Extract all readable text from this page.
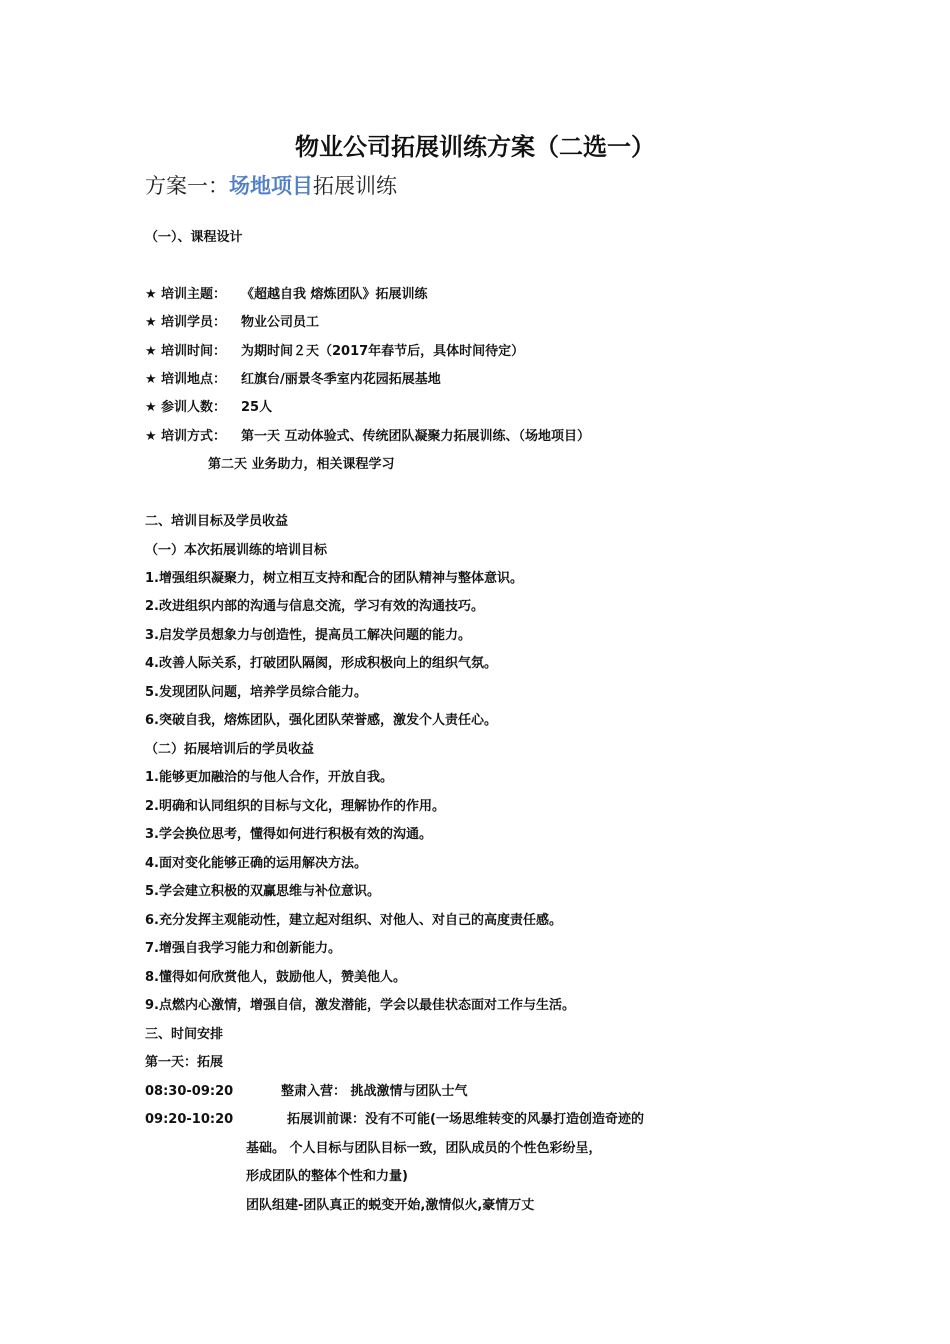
物业公司拓展训练方案（二选一）
方案一：场地项目拓展训练
（一）、课程设计
★ 培训主题： 《超越自我 熔炼团队》拓展训练
★ 培训学员： 物业公司员工
★ 培训时间： 为期时间２天（2017年春节后，具体时间待定）
★ 培训地点： 红旗台/丽景冬季室内花园拓展基地
★ 参训人数： 25人
★ 培训方式： 第一天 互动体验式、传统团队凝聚力拓展训练、（场地项目）
第二天 业务助力，相关课程学习
二、培训目标及学员收益
（一）本次拓展训练的培训目标
1.增强组织凝聚力，树立相互支持和配合的团队精神与整体意识。
2.改进组织内部的沟通与信息交流，学习有效的沟通技巧。
3.启发学员想象力与创造性，提高员工解决问题的能力。
4.改善人际关系，打破团队隔阂，形成积极向上的组织气氛。
5.发现团队问题，培养学员综合能力。
6.突破自我，熔炼团队，强化团队荣誉感，激发个人责任心。
（二）拓展培训后的学员收益
1.能够更加融洽的与他人合作，开放自我。
2.明确和认同组织的目标与文化，理解协作的作用。
3.学会换位思考，懂得如何进行积极有效的沟通。
4.面对变化能够正确的运用解决方法。
5.学会建立积极的双赢思维与补位意识。
6.充分发挥主观能动性，建立起对组织、对他人、对自己的高度责任感。
7.增强自我学习能力和创新能力。
8.懂得如何欣赏他人，鼓励他人，赞美他人。
9.点燃内心激情，增强自信，激发潜能，学会以最佳状态面对工作与生活。
三、时间安排
第一天：拓展
08:30-09:20	整肃入营： 挑战激情与团队士气
09:20-10:20	拓展训前课：没有不可能(一场思维转变的风暴打造创造奇迹的
基础。 个人目标与团队目标一致，团队成员的个性色彩纷呈，
形成团队的整体个性和力量)
团队组建-团队真正的蜕变开始,激情似火,豪情万丈
